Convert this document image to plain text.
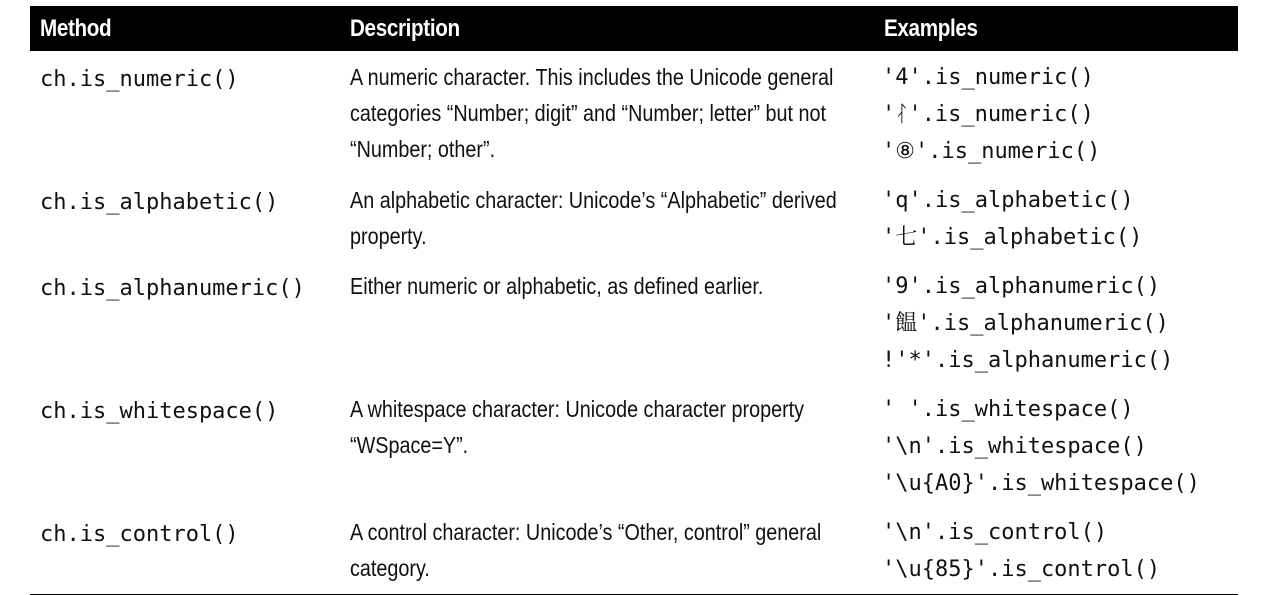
Method	Description	Examples
ch.is_numeric()	A numeric character. This includes the Unicode general categories “Number; digit” and “Number; letter” but not “Number; other”.	'4'.is_numeric()
'ᛮ'.is_numeric()
'⑧'.is_numeric()

ch.is_alphabetic()	An alphabetic character: Unicode’s “Alphabetic” derived property.	'q'.is_alphabetic()
'七'.is_alphabetic()

ch.is_alphanumeric()	Either numeric or alphabetic, as defined earlier.	'9'.is_alphanumeric()
'饂'.is_alphanumeric()
!'*'.is_alphanumeric()

ch.is_whitespace()	A whitespace character: Unicode character property “WSpace=Y”.	' '.is_whitespace()
'\n'.is_whitespace()
'\u{A0}'.is_whitespace()

ch.is_control()	A control character: Unicode’s “Other, control” general category.	'\n'.is_control()
'\u{85}'.is_control()
